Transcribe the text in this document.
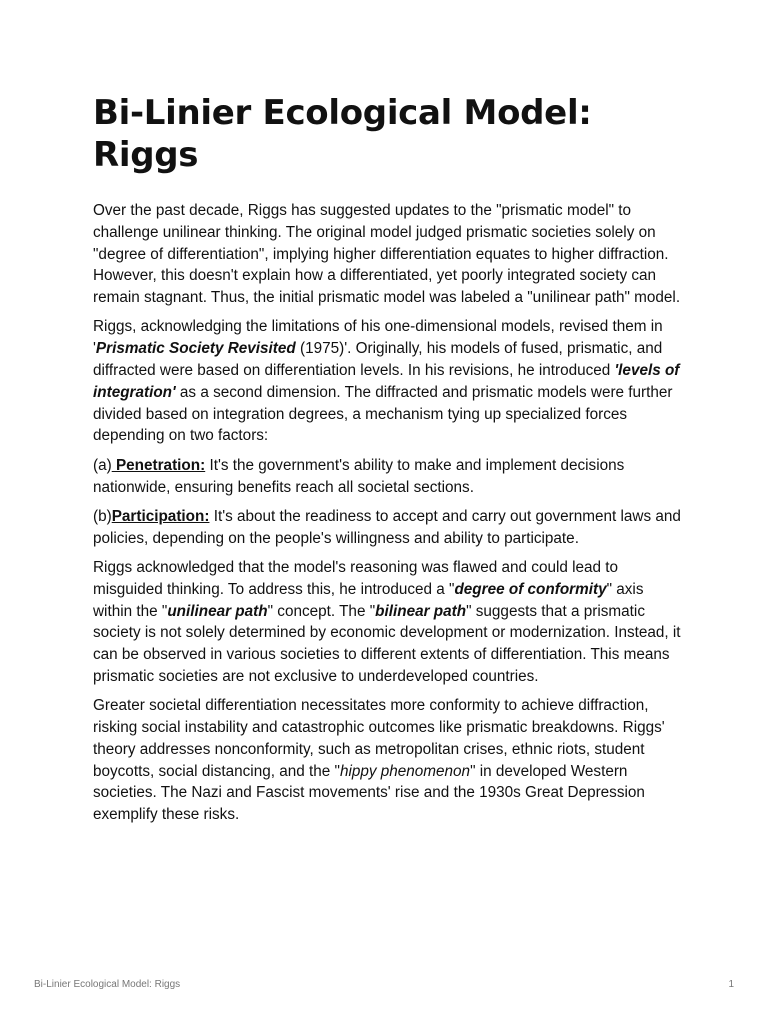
Bi-Linier Ecological Model:
Riggs

Over the past decade, Riggs has suggested updates to the "prismatic model" to challenge unilinear thinking. The original model judged prismatic societies solely on "degree of differentiation", implying higher differentiation equates to higher diffraction. However, this doesn't explain how a differentiated, yet poorly integrated society can remain stagnant. Thus, the initial prismatic model was labeled a "unilinear path" model.

Riggs, acknowledging the limitations of his one-dimensional models, revised them in 'Prismatic Society Revisited (1975)'. Originally, his models of fused, prismatic, and diffracted were based on differentiation levels. In his revisions, he introduced 'levels of integration' as a second dimension. The diffracted and prismatic models were further divided based on integration degrees, a mechanism tying up specialized forces depending on two factors:

(a) Penetration: It's the government's ability to make and implement decisions nationwide, ensuring benefits reach all societal sections.

(b)Participation: It's about the readiness to accept and carry out government laws and policies, depending on the people's willingness and ability to participate.

Riggs acknowledged that the model's reasoning was flawed and could lead to misguided thinking. To address this, he introduced a "degree of conformity" axis within the "unilinear path" concept. The "bilinear path" suggests that a prismatic society is not solely determined by economic development or modernization. Instead, it can be observed in various societies to different extents of differentiation. This means prismatic societies are not exclusive to underdeveloped countries.

Greater societal differentiation necessitates more conformity to achieve diffraction, risking social instability and catastrophic outcomes like prismatic breakdowns. Riggs' theory addresses nonconformity, such as metropolitan crises, ethnic riots, student boycotts, social distancing, and the "hippy phenomenon" in developed Western societies. The Nazi and Fascist movements' rise and the 1930s Great Depression exemplify these risks.

Bi-Linier Ecological Model: Riggs	1
